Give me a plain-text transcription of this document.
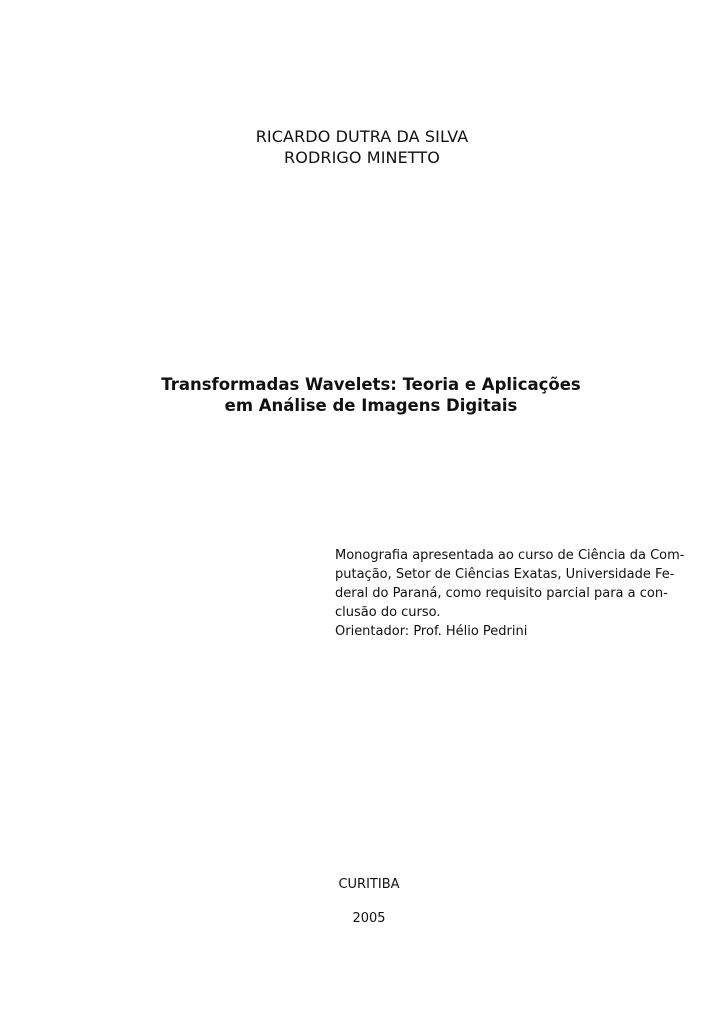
RICARDO DUTRA DA SILVA
RODRIGO MINETTO
Transformadas Wavelets: Teoria e Aplicações
em Análise de Imagens Digitais
Monografia apresentada ao curso de Ciência da Com-
putação, Setor de Ciências Exatas, Universidade Fe-
deral do Paraná, como requisito parcial para a con-
clusão do curso.
Orientador: Prof. Hélio Pedrini
CURITIBA
2005
